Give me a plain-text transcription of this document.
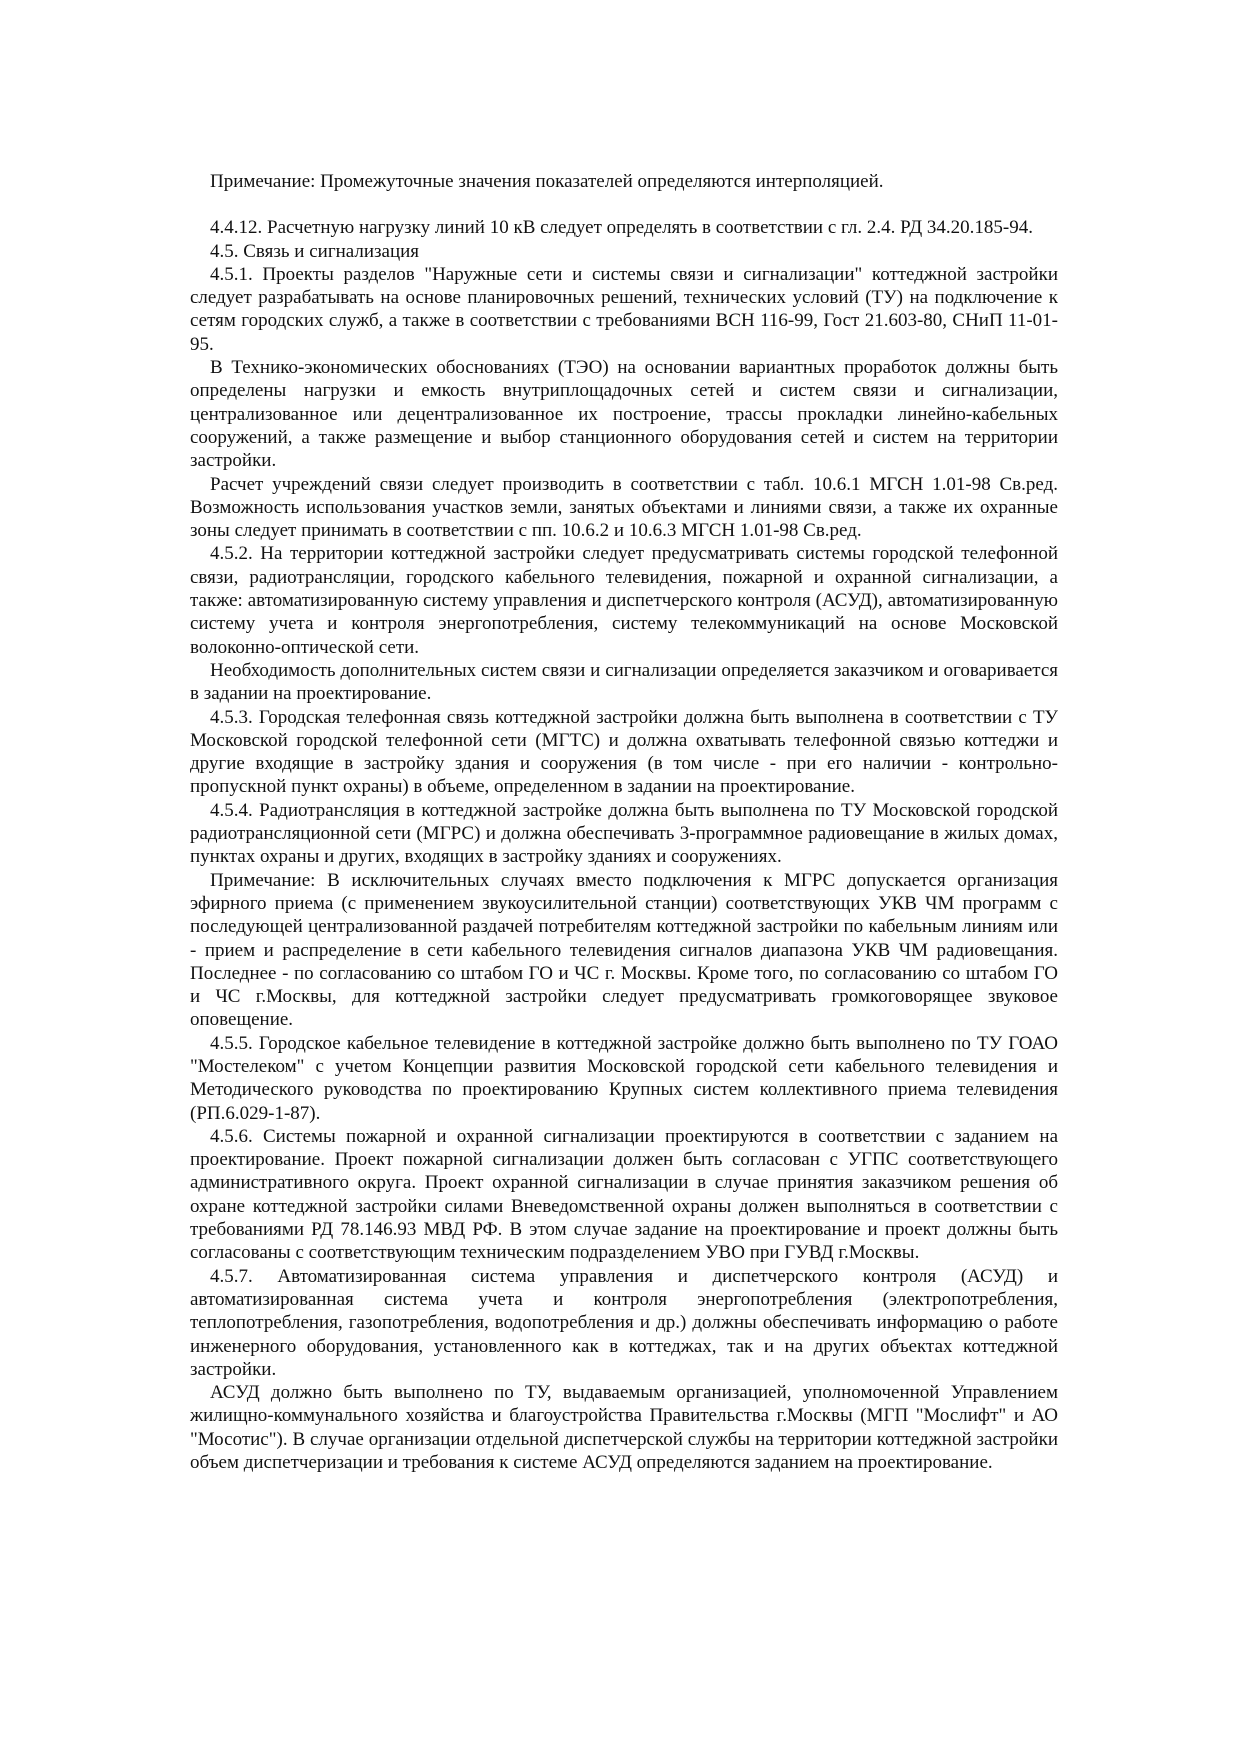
Примечание: Промежуточные значения показателей определяются интерполяцией.

4.4.12. Расчетную нагрузку линий 10 кВ следует определять в соответствии с гл. 2.4. РД 34.20.185-94.

4.5. Связь и сигнализация

4.5.1. Проекты разделов "Наружные сети и системы связи и сигнализации" коттеджной застройки следует разрабатывать на основе планировочных решений, технических условий (ТУ) на подключение к сетям городских служб, а также в соответствии с требованиями ВСН 116-99, Гост 21.603-80, СНиП 11-01-95.

В Технико-экономических обоснованиях (ТЭО) на основании вариантных проработок должны быть определены нагрузки и емкость внутриплощадочных сетей и систем связи и сигнализации, централизованное или децентрализованное их построение, трассы прокладки линейно-кабельных сооружений, а также размещение и выбор станционного оборудования сетей и систем на территории застройки.

Расчет учреждений связи следует производить в соответствии с табл. 10.6.1 МГСН 1.01-98 Св.ред. Возможность использования участков земли, занятых объектами и линиями связи, а также их охранные зоны следует принимать в соответствии с пп. 10.6.2 и 10.6.3 МГСН 1.01-98 Св.ред.

4.5.2. На территории коттеджной застройки следует предусматривать системы городской телефонной связи, радиотрансляции, городского кабельного телевидения, пожарной и охранной сигнализации, а также: автоматизированную систему управления и диспетчерского контроля (АСУД), автоматизированную систему учета и контроля энергопотребления, систему телекоммуникаций на основе Московской волоконно-оптической сети.

Необходимость дополнительных систем связи и сигнализации определяется заказчиком и оговаривается в задании на проектирование.

4.5.3. Городская телефонная связь коттеджной застройки должна быть выполнена в соответствии с ТУ Московской городской телефонной сети (МГТС) и должна охватывать телефонной связью коттеджи и другие входящие в застройку здания и сооружения (в том числе - при его наличии - контрольно-пропускной пункт охраны) в объеме, определенном в задании на проектирование.

4.5.4. Радиотрансляция в коттеджной застройке должна быть выполнена по ТУ Московской городской радиотрансляционной сети (МГРС) и должна обеспечивать 3-программное радиовещание в жилых домах, пунктах охраны и других, входящих в застройку зданиях и сооружениях.

Примечание: В исключительных случаях вместо подключения к МГРС допускается организация эфирного приема (с применением звукоусилительной станции) соответствующих УКВ ЧМ программ с последующей централизованной раздачей потребителям коттеджной застройки по кабельным линиям или - прием и распределение в сети кабельного телевидения сигналов диапазона УКВ ЧМ радиовещания. Последнее - по согласованию со штабом ГО и ЧС г. Москвы. Кроме того, по согласованию со штабом ГО и ЧС г.Москвы, для коттеджной застройки следует предусматривать громкоговорящее звуковое оповещение.

4.5.5. Городское кабельное телевидение в коттеджной застройке должно быть выполнено по ТУ ГОАО "Мостелеком" с учетом Концепции развития Московской городской сети кабельного телевидения и Методического руководства по проектированию Крупных систем коллективного приема телевидения (РП.6.029-1-87).

4.5.6. Системы пожарной и охранной сигнализации проектируются в соответствии с заданием на проектирование. Проект пожарной сигнализации должен быть согласован с УГПС соответствующего административного округа. Проект охранной сигнализации в случае принятия заказчиком решения об охране коттеджной застройки силами Вневедомственной охраны должен выполняться в соответствии с требованиями РД 78.146.93 МВД РФ. В этом случае задание на проектирование и проект должны быть согласованы с соответствующим техническим подразделением УВО при ГУВД г.Москвы.

4.5.7. Автоматизированная система управления и диспетчерского контроля (АСУД) и автоматизированная система учета и контроля энергопотребления (электропотребления, теплопотребления, газопотребления, водопотребления и др.) должны обеспечивать информацию о работе инженерного оборудования, установленного как в коттеджах, так и на других объектах коттеджной застройки.

АСУД должно быть выполнено по ТУ, выдаваемым организацией, уполномоченной Управлением жилищно-коммунального хозяйства и благоустройства Правительства г.Москвы (МГП "Мослифт" и АО "Мосотис"). В случае организации отдельной диспетчерской службы на территории коттеджной застройки объем диспетчеризации и требования к системе АСУД определяются заданием на проектирование.
